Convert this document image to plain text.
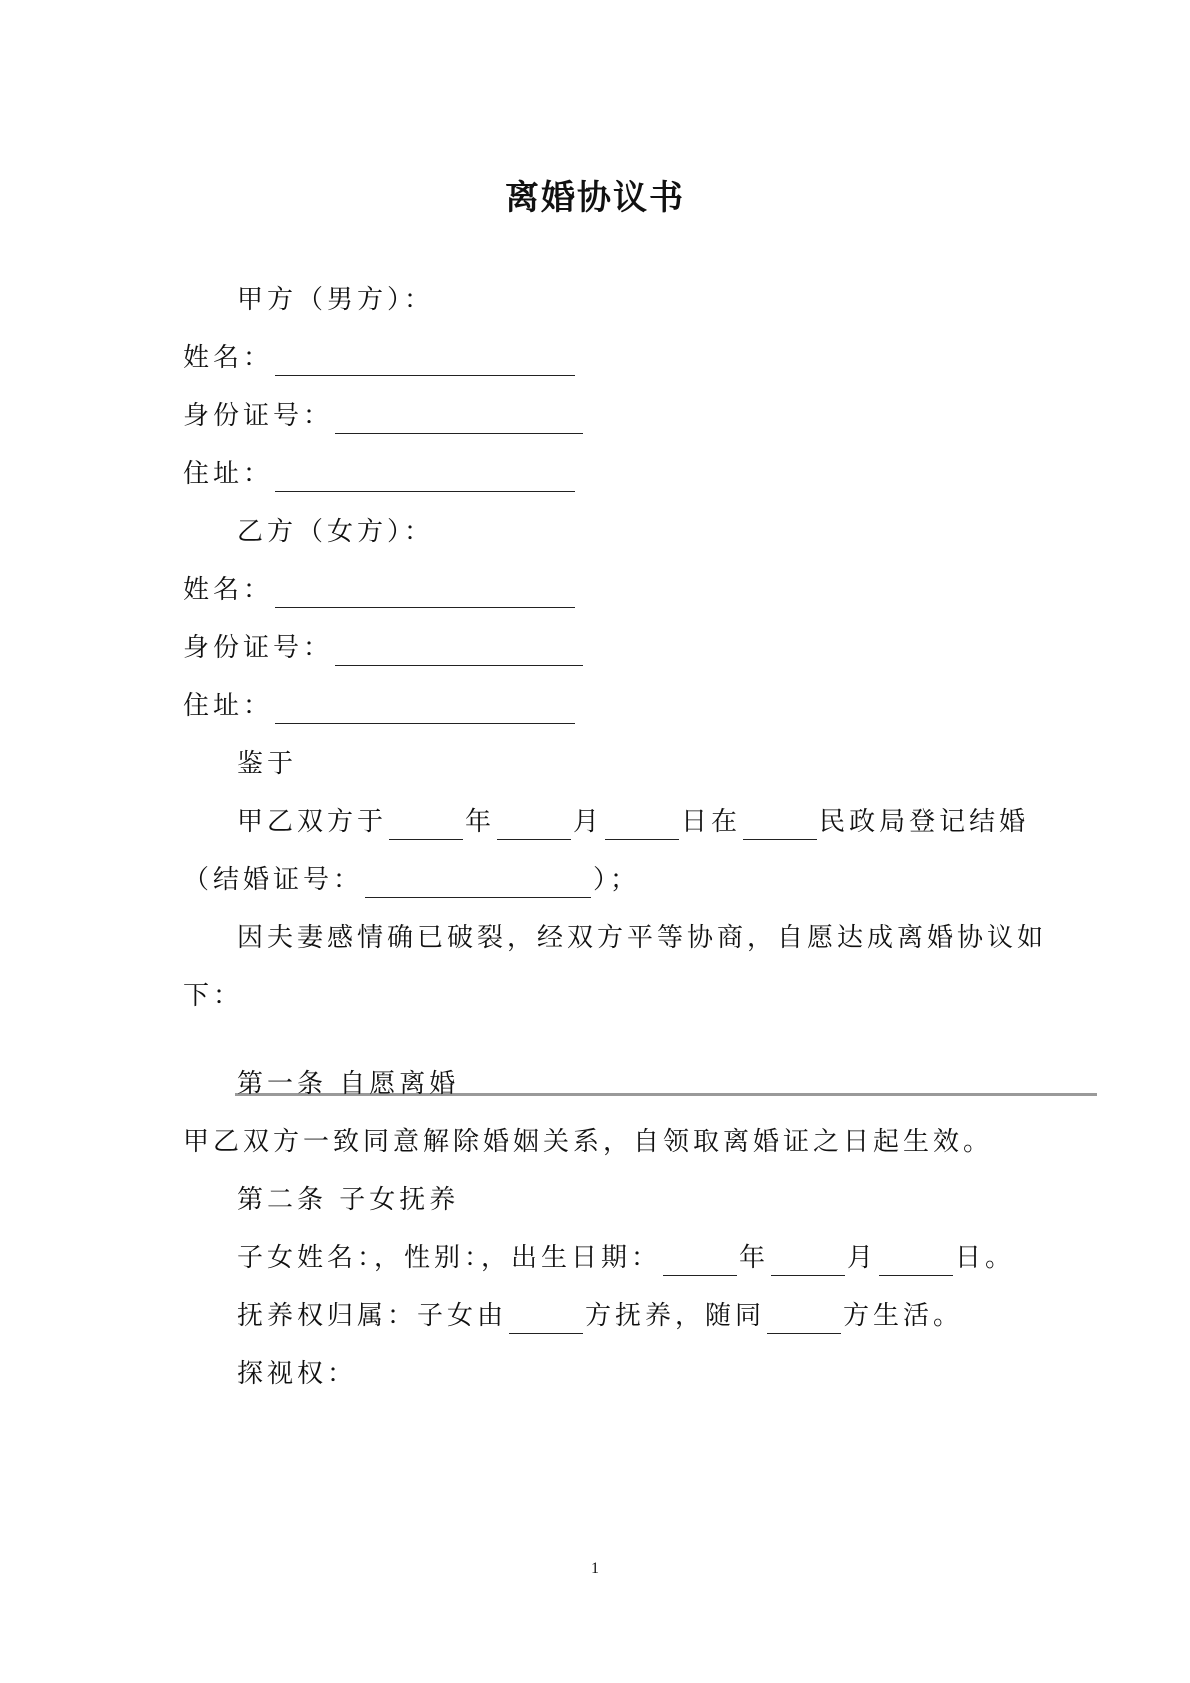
离婚协议书
甲方（男方）：
姓名：
身份证号：
住址：
乙方（女方）：
姓名：
身份证号：
住址：
鉴于
甲乙双方于	年	月	日在	民政局登记结婚
（结婚证号：	）；
因夫妻感情确已破裂，经双方平等协商，自愿达成离婚协议如
下：
第一条 自愿离婚
甲乙双方一致同意解除婚姻关系，自领取离婚证之日起生效。
第二条 子女抚养
子女姓名：，性别：，出生日期：	年	月	日。
抚养权归属：子女由	方抚养，随同	方生活。
探视权：
1
